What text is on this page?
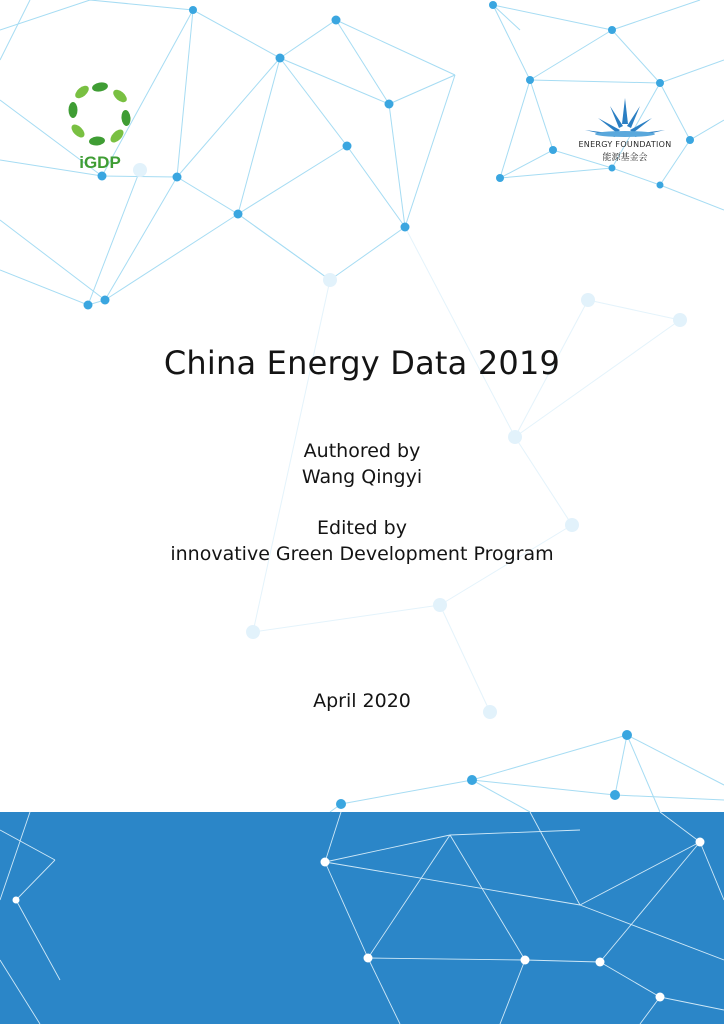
iGDP
ENERGY FOUNDATION
能源基金会
China Energy Data 2019
Authored by
Wang Qingyi
Edited by
innovative Green Development Program
April 2020
